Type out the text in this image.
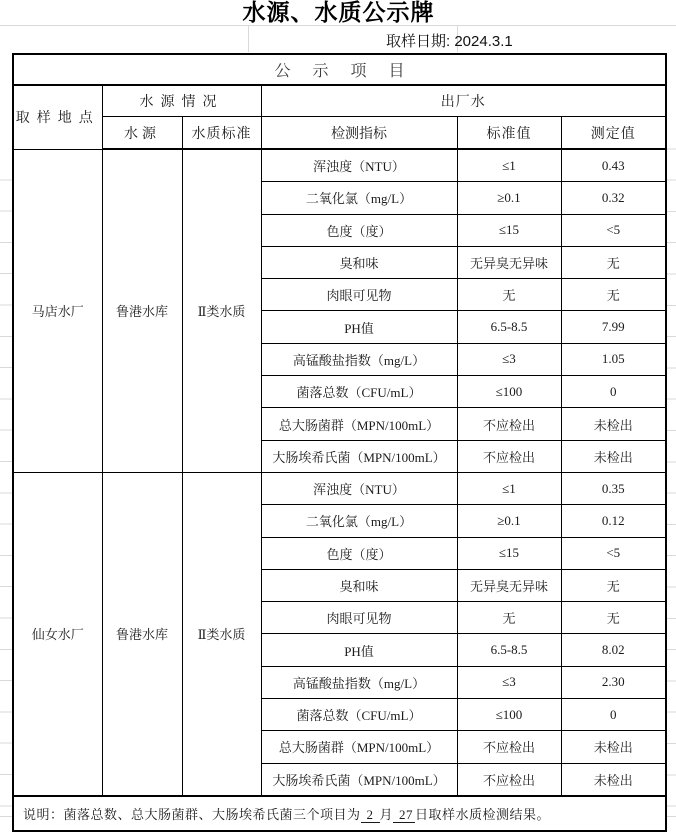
水源、水质公示牌
取样日期: 2024.3.1
公示项目					
取样地点	水源情况		出厂水		
	水源	水质标准	检测指标	标准值	测定值
马店水厂	鲁港水库	Ⅱ类水质	浑浊度（NTU）	≤1	0.43
			二氧化氯（mg/L）	≥0.1	0.32
			色度（度）	≤15	<5
			臭和味	无异臭无异味	无
			肉眼可见物	无	无
			PH值	6.5-8.5	7.99
			高锰酸盐指数（mg/L）	≤3	1.05
			菌落总数（CFU/mL）	≤100	0
			总大肠菌群（MPN/100mL）	不应检出	未检出
			大肠埃希氏菌（MPN/100mL）	不应检出	未检出
仙女水厂	鲁港水库	Ⅱ类水质	浑浊度（NTU）	≤1	0.35
			二氧化氯（mg/L）	≥0.1	0.12
			色度（度）	≤15	<5
			臭和味	无异臭无异味	无
			肉眼可见物	无	无
			PH值	6.5-8.5	8.02
			高锰酸盐指数（mg/L）	≤3	2.30
			菌落总数（CFU/mL）	≤100	0
			总大肠菌群（MPN/100mL）	不应检出	未检出
			大肠埃希氏菌（MPN/100mL）	不应检出	未检出
说明：菌落总数、总大肠菌群、大肠埃希氏菌三个项目为 2 月 27 日取样水质检测结果。					
